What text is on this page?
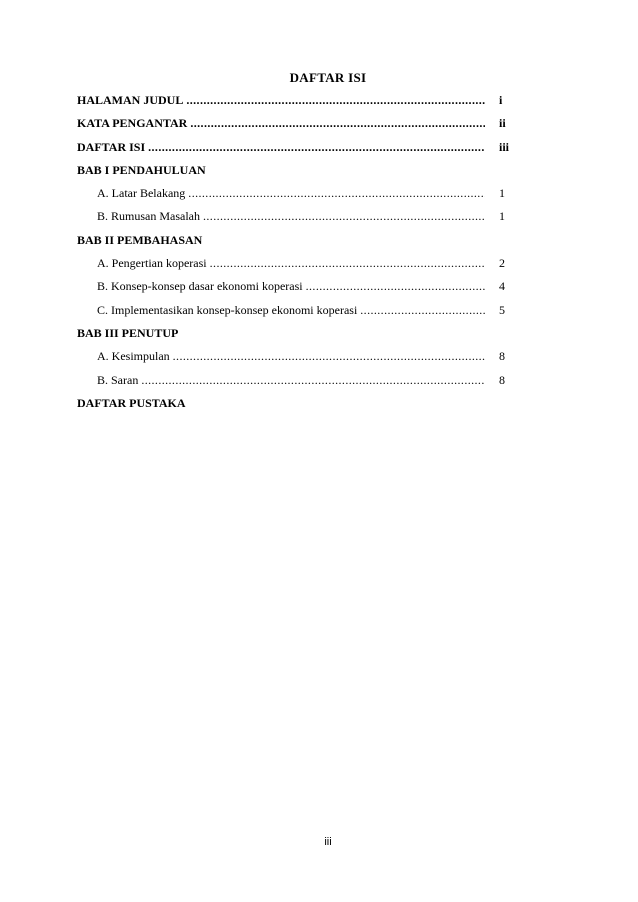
DAFTAR ISI
HALAMAN JUDUL .....	i
KATA PENGANTAR .....	ii
DAFTAR ISI .....	iii
BAB I PENDAHULUAN
A. Latar Belakang .....	1
B. Rumusan Masalah .....	1
BAB II PEMBAHASAN
A. Pengertian koperasi .....	2
B. Konsep-konsep dasar ekonomi koperasi .....	4
C. Implementasikan konsep-konsep ekonomi koperasi .....	5
BAB III PENUTUP
A. Kesimpulan .....	8
B. Saran .....	8
DAFTAR PUSTAKA
iii
